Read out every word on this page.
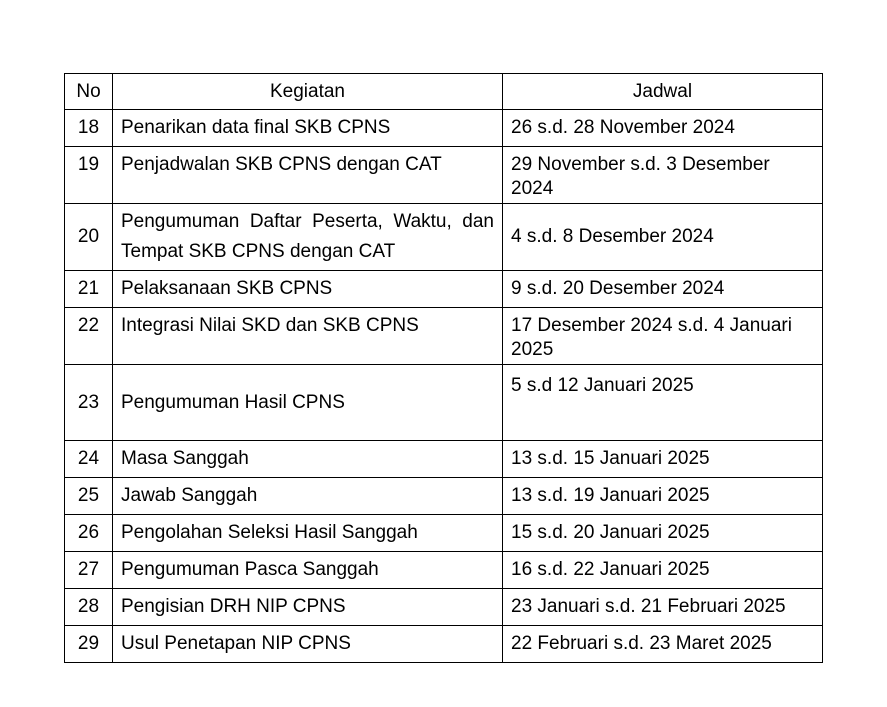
No	Kegiatan	Jadwal
18	Penarikan data final SKB CPNS	26 s.d. 28 November 2024
19	Penjadwalan SKB CPNS dengan CAT	29 November s.d. 3 Desember 2024
20	Pengumuman Daftar Peserta, Waktu, dan Tempat SKB CPNS dengan CAT	4 s.d. 8 Desember 2024
21	Pelaksanaan SKB CPNS	9 s.d. 20 Desember 2024
22	Integrasi Nilai SKD dan SKB CPNS	17 Desember 2024 s.d. 4 Januari 2025
23	Pengumuman Hasil CPNS	5 s.d 12 Januari 2025
24	Masa Sanggah	13 s.d. 15 Januari 2025
25	Jawab Sanggah	13 s.d. 19 Januari 2025
26	Pengolahan Seleksi Hasil Sanggah	15 s.d. 20 Januari 2025
27	Pengumuman Pasca Sanggah	16 s.d. 22 Januari 2025
28	Pengisian DRH NIP CPNS	23 Januari s.d. 21 Februari 2025
29	Usul Penetapan NIP CPNS	22 Februari s.d. 23 Maret 2025
